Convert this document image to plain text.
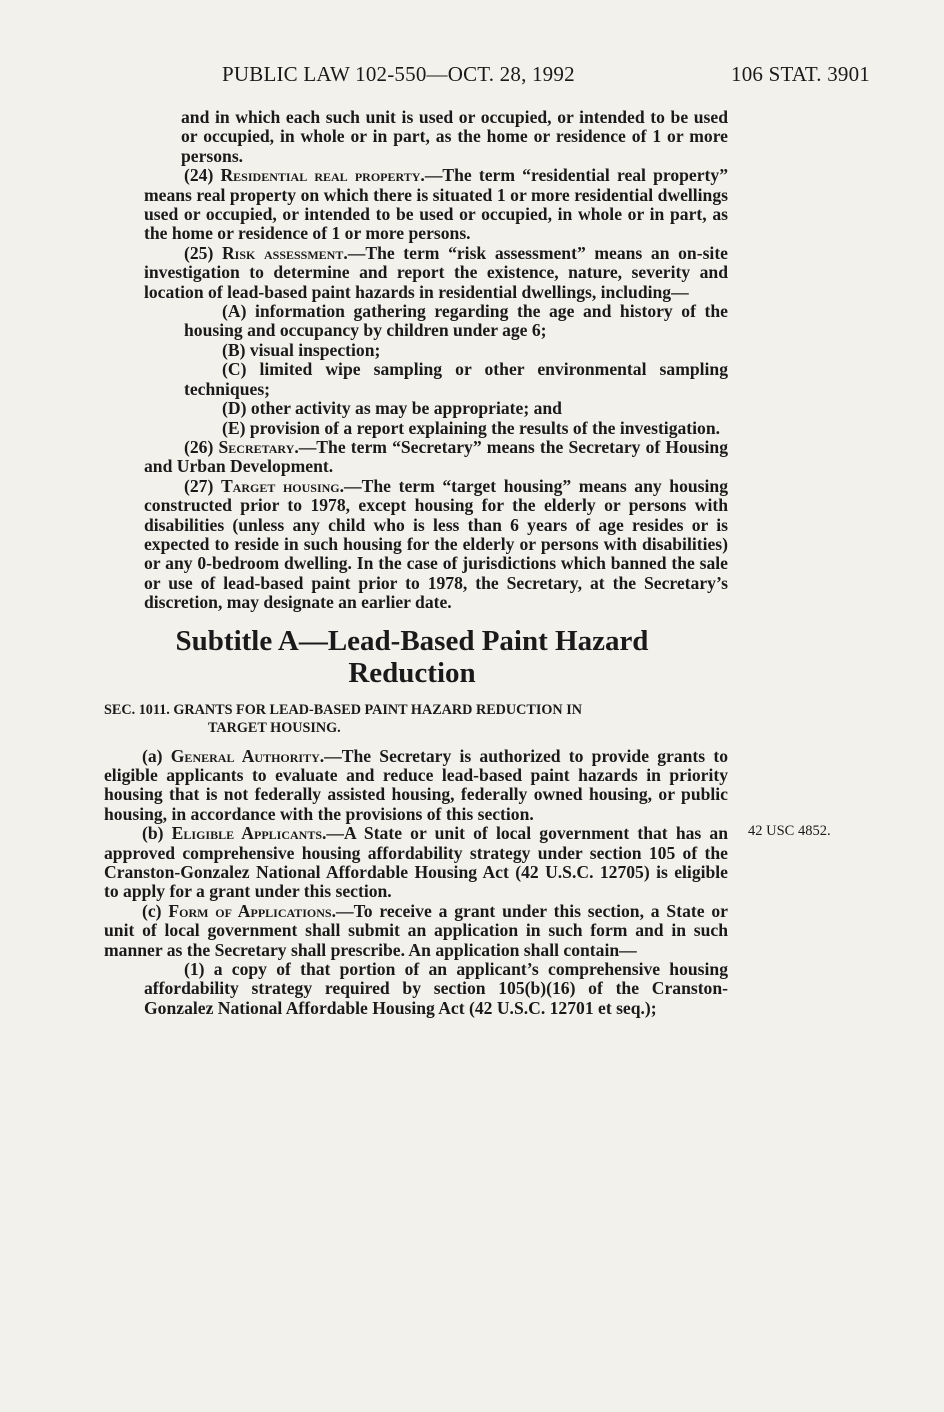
PUBLIC LAW 102-550—OCT. 28, 1992	106 STAT. 3901
42 USC 4852.

and in which each such unit is used or occupied, or intended to be used or occupied, in whole or in part, as the home or residence of 1 or more persons.

(24) Residential real property.—The term “residential real property” means real property on which there is situated 1 or more residential dwellings used or occupied, or intended to be used or occupied, in whole or in part, as the home or residence of 1 or more persons.

(25) Risk assessment.—The term “risk assessment” means an on-site investigation to determine and report the existence, nature, severity and location of lead-based paint hazards in residential dwellings, including—

(A) information gathering regarding the age and history of the housing and occupancy by children under age 6;

(B) visual inspection;

(C) limited wipe sampling or other environmental sampling techniques;

(D) other activity as may be appropriate; and

(E) provision of a report explaining the results of the investigation.

(26) Secretary.—The term “Secretary” means the Secretary of Housing and Urban Development.

(27) Target housing.—The term “target housing” means any housing constructed prior to 1978, except housing for the elderly or persons with disabilities (unless any child who is less than 6 years of age resides or is expected to reside in such housing for the elderly or persons with disabilities) or any 0-bedroom dwelling. In the case of jurisdictions which banned the sale or use of lead-based paint prior to 1978, the Secretary, at the Secretary’s discretion, may designate an earlier date.

Subtitle A—Lead-Based Paint Hazard
Reduction
SEC. 1011. GRANTS FOR LEAD-BASED PAINT HAZARD REDUCTION IN
TARGET HOUSING.

(a) General Authority.—The Secretary is authorized to provide grants to eligible applicants to evaluate and reduce lead-based paint hazards in priority housing that is not federally assisted housing, federally owned housing, or public housing, in accordance with the provisions of this section.

(b) Eligible Applicants.—A State or unit of local government that has an approved comprehensive housing affordability strategy under section 105 of the Cranston-Gonzalez National Affordable Housing Act (42 U.S.C. 12705) is eligible to apply for a grant under this section.

(c) Form of Applications.—To receive a grant under this section, a State or unit of local government shall submit an application in such form and in such manner as the Secretary shall prescribe. An application shall contain—

(1) a copy of that portion of an applicant’s comprehensive housing affordability strategy required by section 105(b)(16) of the Cranston-Gonzalez National Affordable Housing Act (42 U.S.C. 12701 et seq.);
